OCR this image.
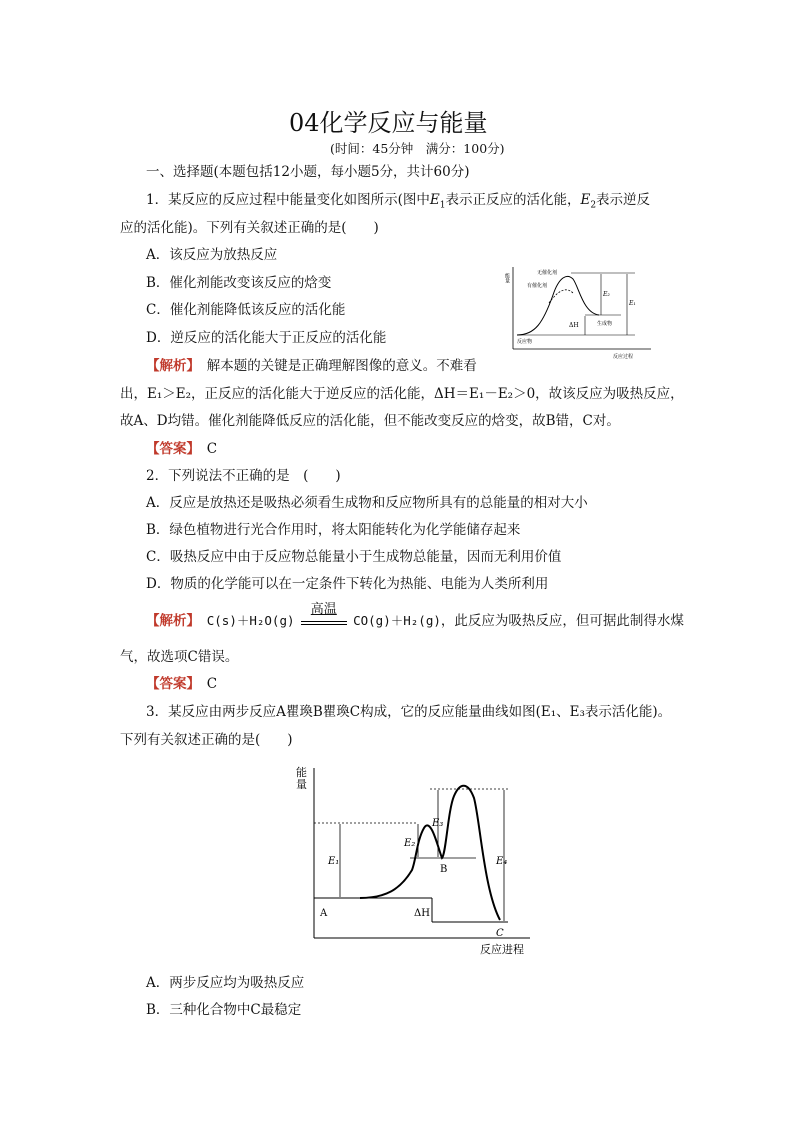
04化学反应与能量
(时间：45分钟　满分：100分)
一、选择题(本题包括12小题，每小题5分，共计60分)
1．某反应的反应过程中能量变化如图所示(图中$E_1$表示正反应的活化能，$E_2$表示逆反
应的活化能)。下列有关叙述正确的是(　　)
A．该反应为放热反应
B．催化剂能改变该反应的焓变
C．催化剂能降低该反应的活化能
D．逆反应的活化能大于正反应的活化能
能量	无催化剂
有催化剂
E₂
E₁
ΔH	生成物
反应物
反应过程
【解析】　 解本题的关键是正确理解图像的意义。不难看
出，E₁＞E₂，正反应的活化能大于逆反应的活化能，ΔH＝E₁－E₂＞0，故该反应为吸热反应，
故A、D均错。催化剂能降低反应的活化能，但不能改变反应的焓变，故B错，C对。
【答案】　 C
2．下列说法不正确的是　(　　)
A．反应是放热还是吸热必须看生成物和反应物所具有的总能量的相对大小
B．绿色植物进行光合作用时，将太阳能转化为化学能储存起来
C．吸热反应中由于反应物总能量小于生成物总能量，因而无利用价值
D．物质的化学能可以在一定条件下转化为热能、电能为人类所利用
【解析】　 C(s)＋H₂O(g)
高温
CO(g)＋H₂(g)，此反应为吸热反应，但可据此制得水煤
气，故选项C错误。
【答案】　 C
3．某反应由两步反应A瞿瑍B瞿瑍C构成，它的反应能量曲线如图(E₁、E₃表示活化能)。
下列有关叙述正确的是(　　)
能
量
E₁
E₂
E₃
E₄
A
B
C
ΔH
反应进程
A．两步反应均为吸热反应
B．三种化合物中C最稳定
